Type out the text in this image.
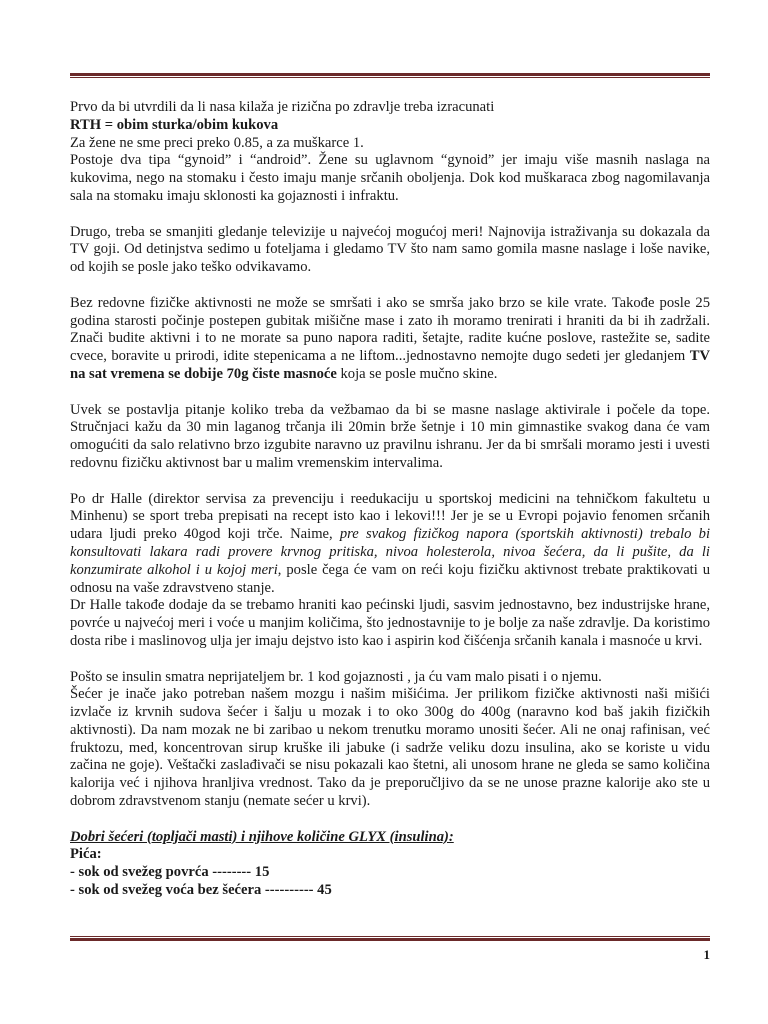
Prvo da bi utvrdili da li nasa kilaža je rizična po zdravlje treba izracunati

RTH = obim sturka/obim kukova

Za žene ne sme preci preko 0.85, a za muškarce 1.

Postoje dva tipa “gynoid” i “android”. Žene su uglavnom “gynoid” jer imaju više masnih naslaga na kukovima, nego na stomaku i često imaju manje srčanih oboljenja. Dok kod muškaraca zbog nagomilavanja sala na stomaku imaju sklonosti ka gojaznosti i infraktu.

Drugo, treba se smanjiti gledanje televizije u najvećoj mogućoj meri! Najnovija istraživanja su dokazala da TV goji. Od detinjstva sedimo u foteljama i gledamo TV što nam samo gomila masne naslage i loše navike, od kojih se posle jako teško odvikavamo.

Bez redovne fizičke aktivnosti ne može se smršati i ako se smrša jako brzo se kile vrate. Takođe posle 25 godina starosti počinje postepen gubitak mišične mase i zato ih moramo trenirati i hraniti da bi ih zadržali. Znači budite aktivni i to ne morate sa puno napora raditi, šetajte, radite kućne poslove, rastežite se, sadite cvece, boravite u prirodi, idite stepenicama a ne liftom...jednostavno nemojte dugo sedeti jer gledanjem TV na sat vremena se dobije 70g čiste masnoće koja se posle mučno skine.

Uvek se postavlja pitanje koliko treba da vežbamao da bi se masne naslage aktivirale i počele da tope. Stručnjaci kažu da 30 min laganog trčanja ili 20min brže šetnje i 10 min gimnastike svakog dana će vam omogućiti da salo relativno brzo izgubite naravno uz pravilnu ishranu. Jer da bi smršali moramo jesti i uvesti redovnu fizičku aktivnost bar u malim vremenskim intervalima.

Po dr Halle (direktor servisa za prevenciju i reedukaciju u sportskoj medicini na tehničkom fakultetu u Minhenu) se sport treba prepisati na recept isto kao i lekovi!!! Jer je se u Evropi pojavio fenomen srčanih udara ljudi preko 40god koji trče. Naime, pre svakog fizičkog napora (sportskih aktivnosti) trebalo bi konsultovati lakara radi provere krvnog pritiska, nivoa holesterola, nivoa šećera, da li pušite, da li konzumirate alkohol i u kojoj meri, posle čega će vam on reći koju fizičku aktivnost trebate praktikovati u odnosu na vaše zdravstveno stanje.

Dr Halle takođe dodaje da se trebamo hraniti kao pećinski ljudi, sasvim jednostavno, bez industrijske hrane, povrće u najvećoj meri i voće u manjim količima, što jednostavnije to je bolje za naše zdravlje. Da koristimo dosta ribe i maslinovog ulja jer imaju dejstvo isto kao i aspirin kod čišćenja srčanih kanala i masnoće u krvi.

Pošto se insulin smatra neprijateljem br. 1 kod gojaznosti , ja ću vam malo pisati i o njemu.

Šećer je inače jako potreban našem mozgu i našim mišićima. Jer prilikom fizičke aktivnosti naši mišići izvlače iz krvnih sudova šećer i šalju u mozak i to oko 300g do 400g (naravno kod baš jakih fizičkih aktivnosti). Da nam mozak ne bi zaribao u nekom trenutku moramo unositi šećer. Ali ne onaj rafinisan, već fruktozu, med, koncentrovan sirup kruške ili jabuke (i sadrže veliku dozu insulina, ako se koriste u vidu začina ne goje). Veštački zaslađivači se nisu pokazali kao štetni, ali unosom hrane ne gleda se samo količina kalorija već i njihova hranljiva vrednost. Tako da je preporučljivo da se ne unose prazne kalorije ako ste u dobrom zdravstvenom stanju (nemate sećer u krvi).

Dobri šećeri (topljači masti) i njihove količine GLYX (insulina):

Pića:

- sok od svežeg povrća -------- 15

- sok od svežeg voća bez šećera ---------- 45

1
